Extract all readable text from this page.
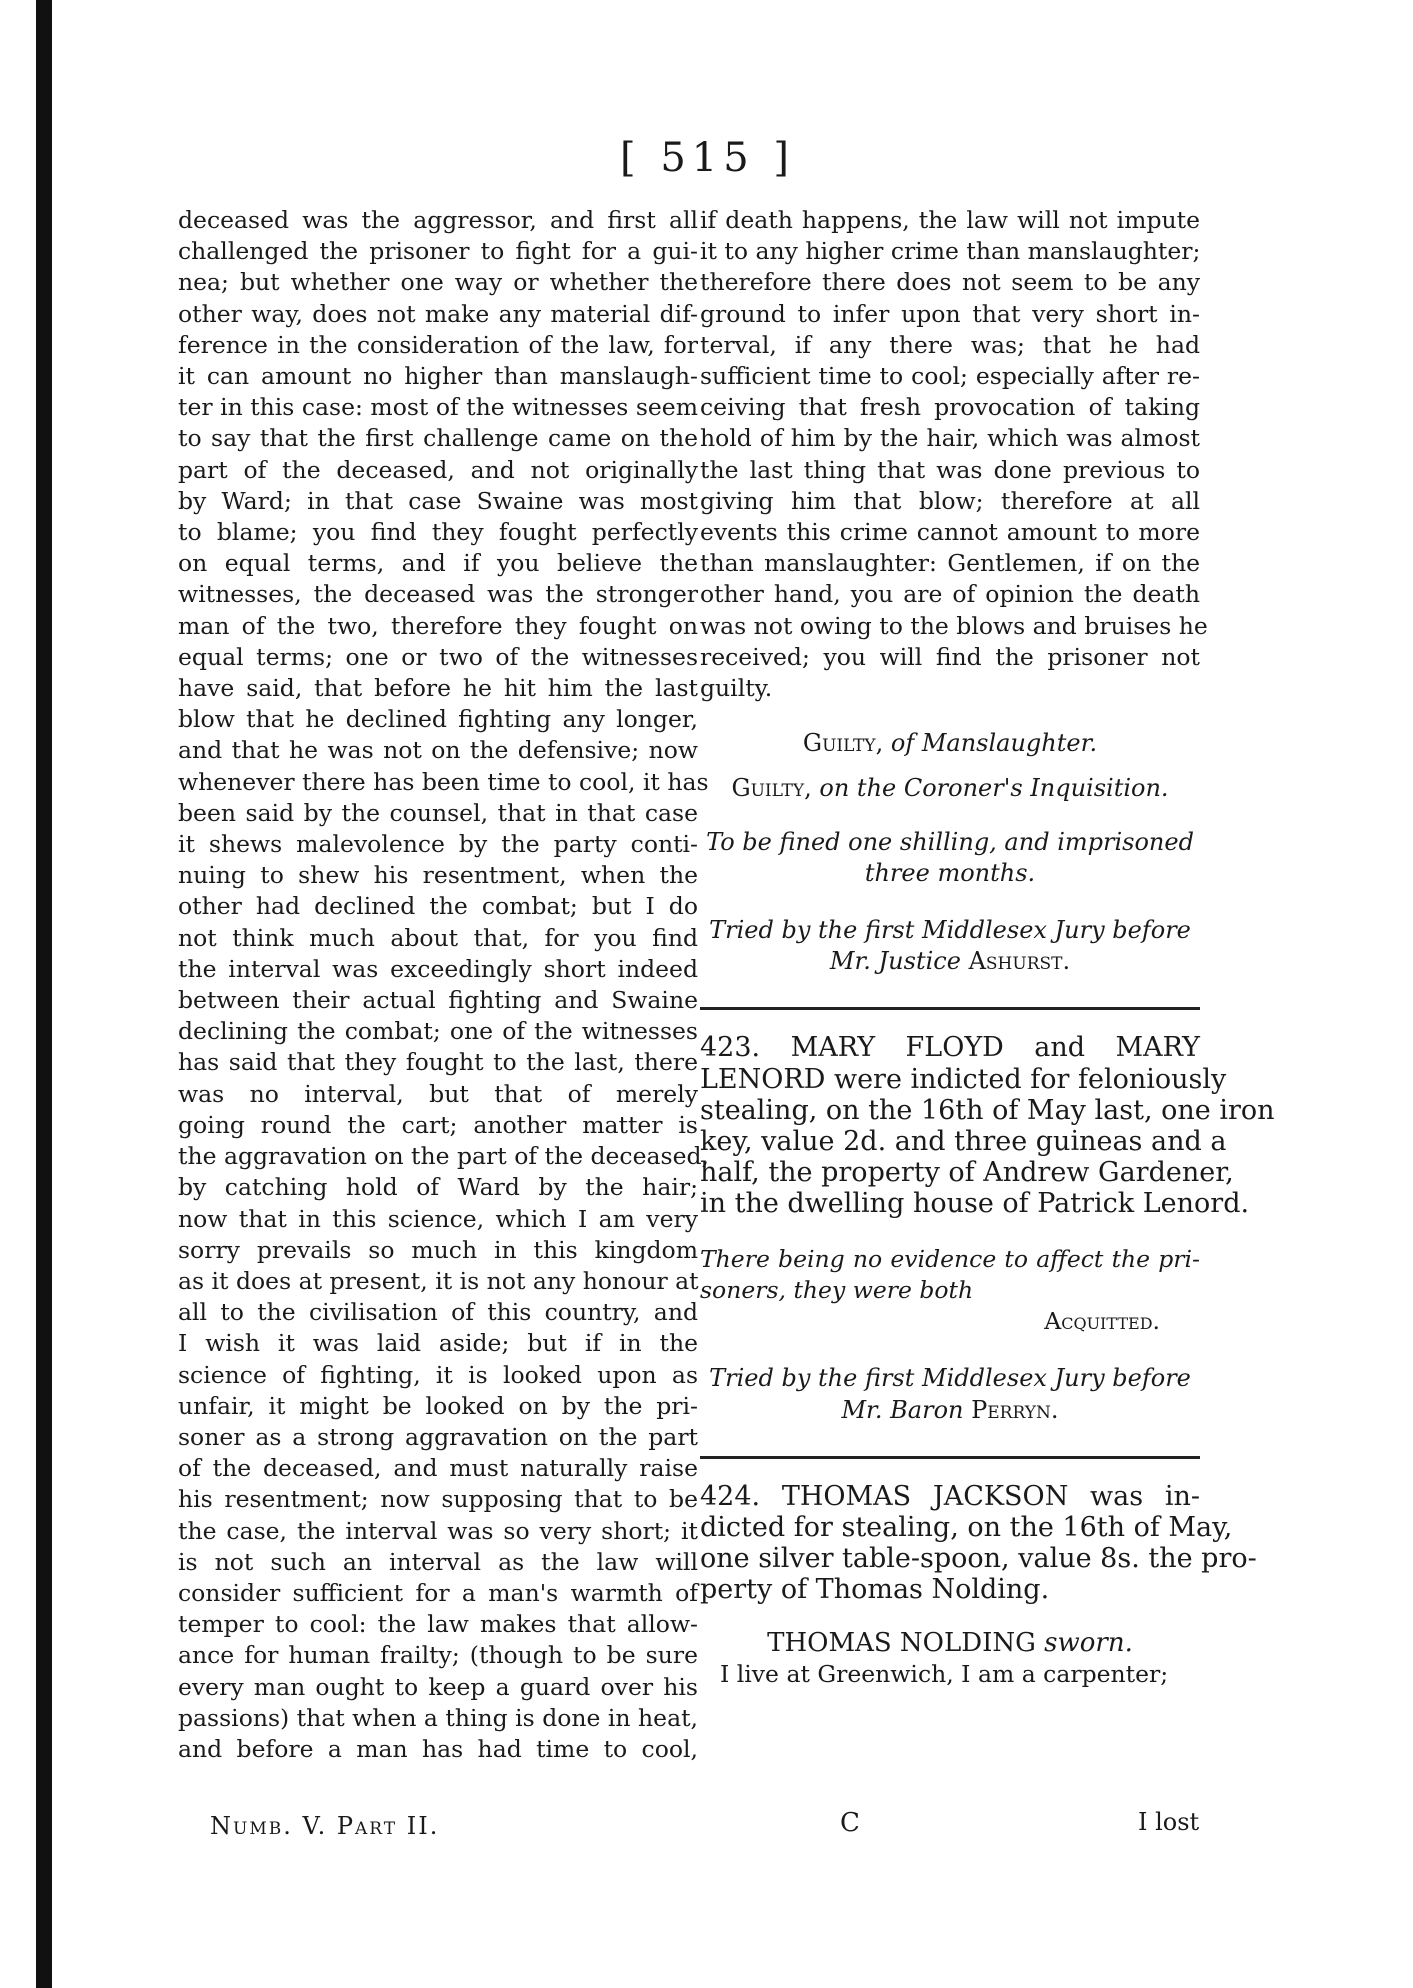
[ 515 ]
deceased was the aggressor, and first all
challenged the prisoner to fight for a gui-
nea; but whether one way or whether the
other way, does not make any material dif-
ference in the consideration of the law, for
it can amount no higher than manslaugh-
ter in this case: most of the witnesses seem
to say that the first challenge came on the
part of the deceased, and not originally
by Ward; in that case Swaine was most
to blame; you find they fought perfectly
on equal terms, and if you believe the
witnesses, the deceased was the stronger
man of the two, therefore they fought on
equal terms; one or two of the witnesses
have said, that before he hit him the last
blow that he declined fighting any longer,
and that he was not on the defensive; now
whenever there has been time to cool, it has
been said by the counsel, that in that case
it shews malevolence by the party conti-
nuing to shew his resentment, when the
other had declined the combat; but I do
not think much about that, for you find
the interval was exceedingly short indeed
between their actual fighting and Swaine
declining the combat; one of the witnesses
has said that they fought to the last, there
was no interval, but that of merely
going round the cart; another matter is
the aggravation on the part of the deceased,
by catching hold of Ward by the hair;
now that in this science, which I am very
sorry prevails so much in this kingdom
as it does at present, it is not any honour at
all to the civilisation of this country, and
I wish it was laid aside; but if in the
science of fighting, it is looked upon as
unfair, it might be looked on by the pri-
soner as a strong aggravation on the part
of the deceased, and must naturally raise
his resentment; now supposing that to be
the case, the interval was so very short; it
is not such an interval as the law will
consider sufficient for a man's warmth of
temper to cool: the law makes that allow-
ance for human frailty; (though to be sure
every man ought to keep a guard over his
passions) that when a thing is done in heat,
and before a man has had time to cool,
if death happens, the law will not impute
it to any higher crime than manslaughter;
therefore there does not seem to be any
ground to infer upon that very short in-
terval, if any there was; that he had
sufficient time to cool; especially after re-
ceiving that fresh provocation of taking
hold of him by the hair, which was almost
the last thing that was done previous to
giving him that blow; therefore at all
events this crime cannot amount to more
than manslaughter: Gentlemen, if on the
other hand, you are of opinion the death
was not owing to the blows and bruises he
received; you will find the prisoner not
guilty.
Guilty, of Manslaughter.
Guilty, on the Coroner's Inquisition.
To be fined one shilling, and imprisoned
three months.
Tried by the first Middlesex Jury before
Mr. Justice Ashurst.
423. MARY FLOYD and MARY
LENORD were indicted for feloniously
stealing, on the 16th of May last, one iron
key, value 2d. and three guineas and a
half, the property of Andrew Gardener,
in the dwelling house of Patrick Lenord.
There being no evidence to affect the pri-
soners, they were both
Acquitted.
Tried by the first Middlesex Jury before
Mr. Baron Perryn.
424. THOMAS JACKSON was in-
dicted for stealing, on the 16th of May,
one silver table-spoon, value 8s. the pro-
perty of Thomas Nolding.
THOMAS NOLDING sworn.
I live at Greenwich, I am a carpenter;
Numb. V. Part II.	C	I lost
